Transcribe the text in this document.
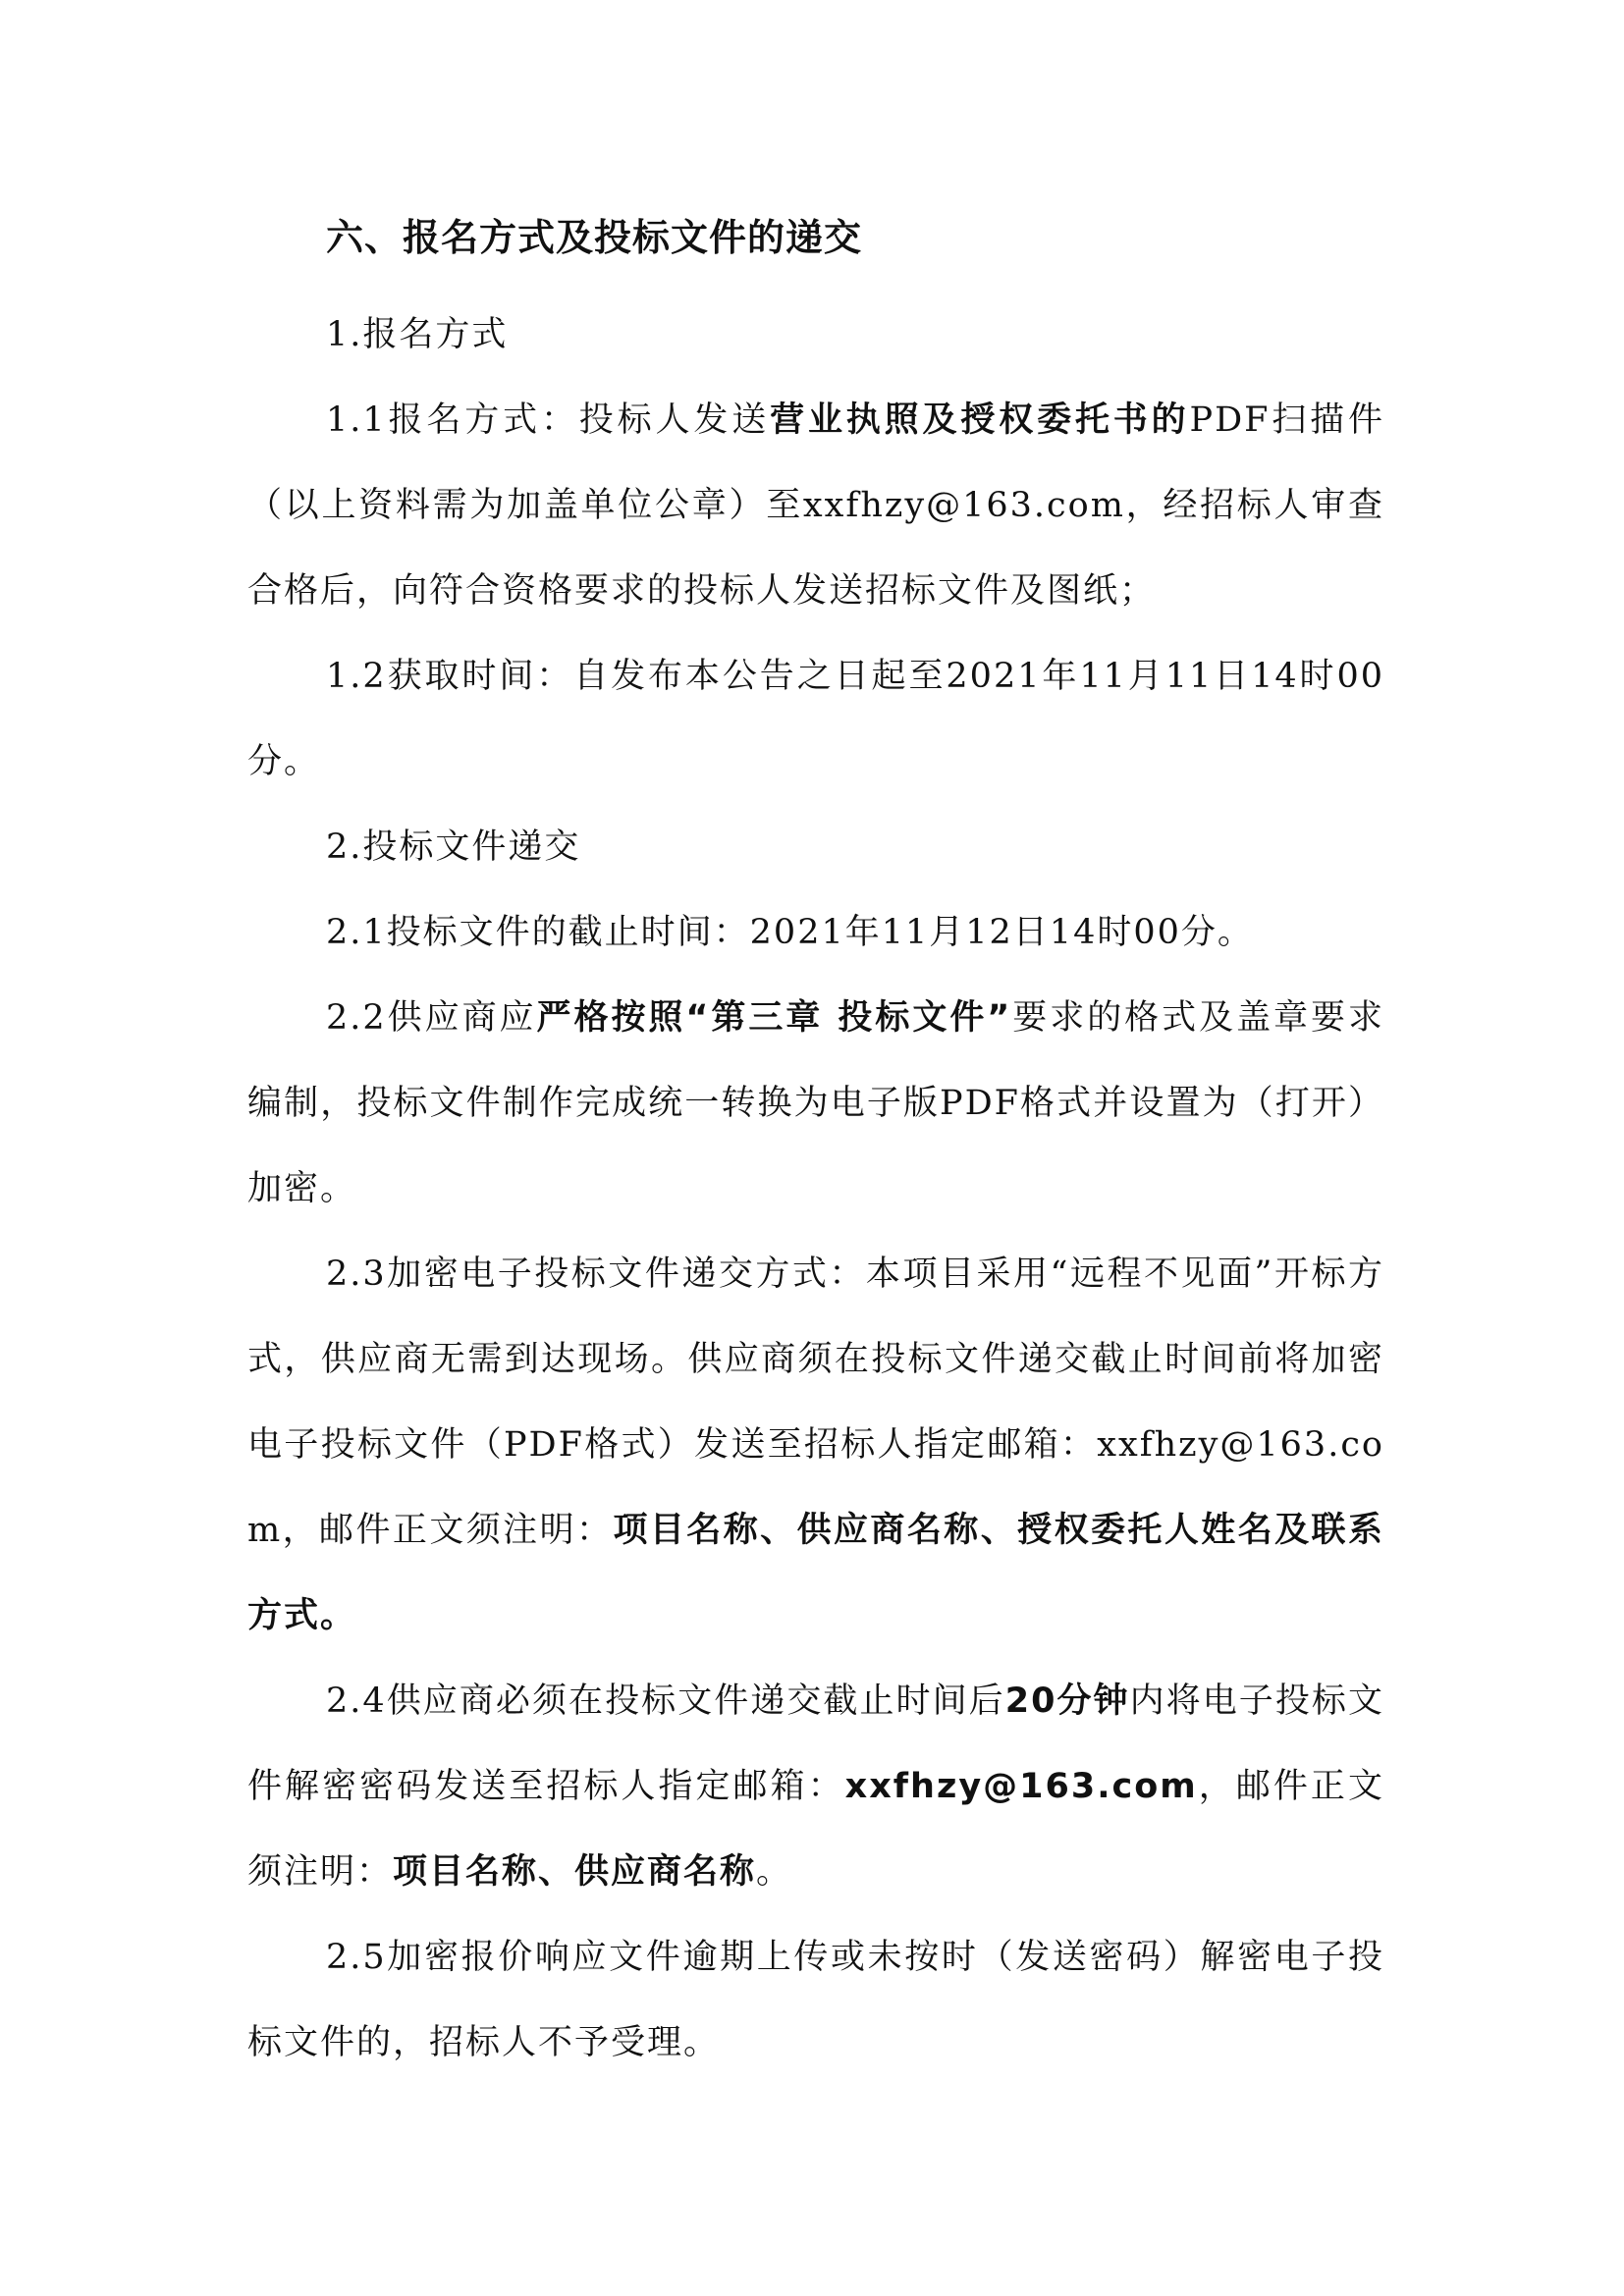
六、报名方式及投标文件的递交

1.报名方式

1.1报名方式：投标人发送营业执照及授权委托书的PDF扫描件（以上资料需为加盖单位公章）至xxfhzy@163.com，经招标人审查合格后，向符合资格要求的投标人发送招标文件及图纸；

1.2获取时间：自发布本公告之日起至2021年11月11日14时00分。

2.投标文件递交

2.1投标文件的截止时间：2021年11月12日14时00分。

2.2供应商应严格按照“第三章 投标文件”要求的格式及盖章要求编制，投标文件制作完成统一转换为电子版PDF格式并设置为（打开）加密。

2.3加密电子投标文件递交方式：本项目采用“远程不见面”开标方式，供应商无需到达现场。供应商须在投标文件递交截止时间前将加密电子投标文件（PDF格式）发送至招标人指定邮箱：xxfhzy@163.com，邮件正文须注明：项目名称、供应商名称、授权委托人姓名及联系方式。

2.4供应商必须在投标文件递交截止时间后20分钟内将电子投标文件解密密码发送至招标人指定邮箱：xxfhzy@163.com，邮件正文须注明：项目名称、供应商名称。

2.5加密报价响应文件逾期上传或未按时（发送密码）解密电子投标文件的，招标人不予受理。
